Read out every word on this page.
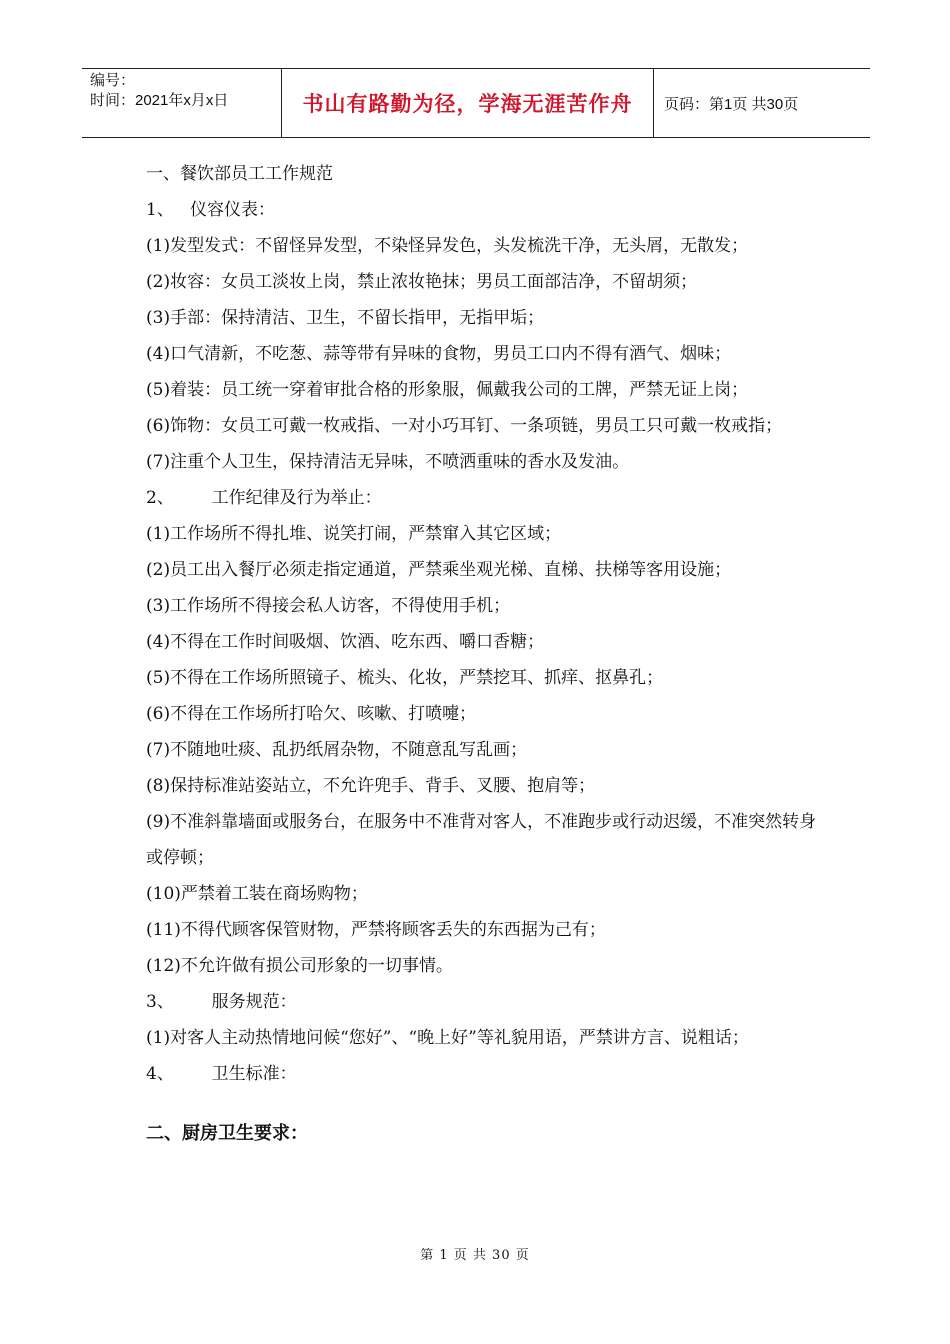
编号：
时间：2021年x月x日	书山有路勤为径，学海无涯苦作舟	页码：第1页 共30页

一、餐饮部员工工作规范

1、   仪容仪表：

(1)发型发式：不留怪异发型，不染怪异发色，头发梳洗干净，无头屑，无散发；

(2)妆容：女员工淡妆上岗，禁止浓妆艳抹；男员工面部洁净，不留胡须；

(3)手部：保持清洁、卫生，不留长指甲，无指甲垢；

(4)口气清新，不吃葱、蒜等带有异味的食物，男员工口内不得有酒气、烟味；

(5)着装：员工统一穿着审批合格的形象服，佩戴我公司的工牌，严禁无证上岗；

(6)饰物：女员工可戴一枚戒指、一对小巧耳钉、一条项链，男员工只可戴一枚戒指；

(7)注重个人卫生，保持清洁无异味，不喷洒重味的香水及发油。

2、       工作纪律及行为举止：

(1)工作场所不得扎堆、说笑打闹，严禁窜入其它区域；

(2)员工出入餐厅必须走指定通道，严禁乘坐观光梯、直梯、扶梯等客用设施；

(3)工作场所不得接会私人访客，不得使用手机；

(4)不得在工作时间吸烟、饮酒、吃东西、嚼口香糖；

(5)不得在工作场所照镜子、梳头、化妆，严禁挖耳、抓痒、抠鼻孔；

(6)不得在工作场所打哈欠、咳嗽、打喷嚏；

(7)不随地吐痰、乱扔纸屑杂物，不随意乱写乱画；

(8)保持标准站姿站立，不允许兜手、背手、叉腰、抱肩等；

(9)不准斜靠墙面或服务台，在服务中不准背对客人，不准跑步或行动迟缓，不准突然转身或停顿；

(10)严禁着工装在商场购物；

(11)不得代顾客保管财物，严禁将顾客丢失的东西据为己有；

(12)不允许做有损公司形象的一切事情。

3、       服务规范：

(1)对客人主动热情地问候“您好”、“晚上好”等礼貌用语，严禁讲方言、说粗话；

4、       卫生标准：

二、厨房卫生要求：

第 1 页 共 30 页
